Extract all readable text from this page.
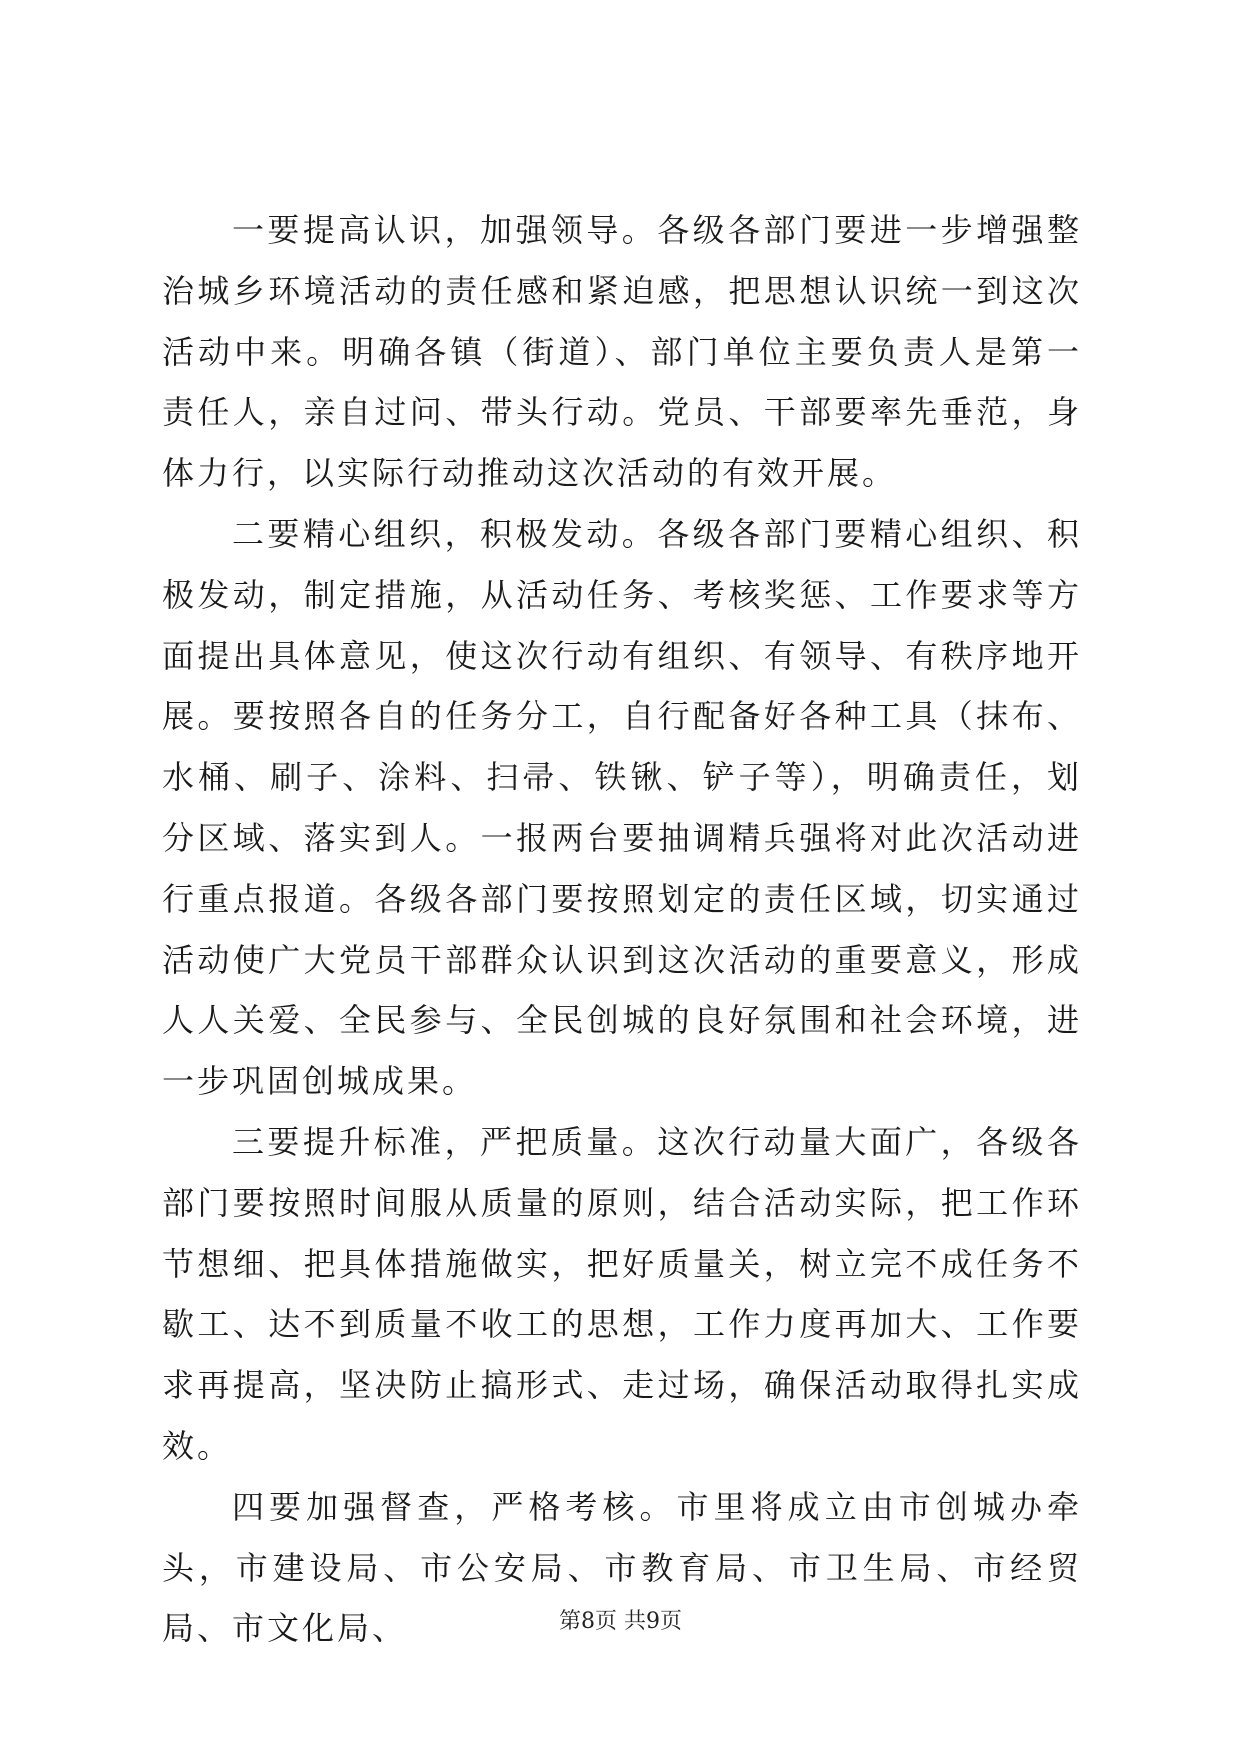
一要提高认识，加强领导。各级各部门要进一步增强整治城乡环境活动的责任感和紧迫感，把思想认识统一到这次活动中来。明确各镇（街道）、部门单位主要负责人是第一责任人，亲自过问、带头行动。党员、干部要率先垂范，身体力行，以实际行动推动这次活动的有效开展。

二要精心组织，积极发动。各级各部门要精心组织、积极发动，制定措施，从活动任务、考核奖惩、工作要求等方面提出具体意见，使这次行动有组织、有领导、有秩序地开展。要按照各自的任务分工，自行配备好各种工具（抹布、水桶、刷子、涂料、扫帚、铁锹、铲子等），明确责任，划分区域、落实到人。一报两台要抽调精兵强将对此次活动进行重点报道。各级各部门要按照划定的责任区域，切实通过活动使广大党员干部群众认识到这次活动的重要意义，形成人人关爱、全民参与、全民创城的良好氛围和社会环境，进一步巩固创城成果。

三要提升标准，严把质量。这次行动量大面广，各级各部门要按照时间服从质量的原则，结合活动实际，把工作环节想细、把具体措施做实，把好质量关，树立完不成任务不歇工、达不到质量不收工的思想，工作力度再加大、工作要求再提高，坚决防止搞形式、走过场，确保活动取得扎实成效。

四要加强督查，严格考核。市里将成立由市创城办牵头，市建设局、市公安局、市教育局、市卫生局、市经贸局、市文化局、	第8页 共9页
